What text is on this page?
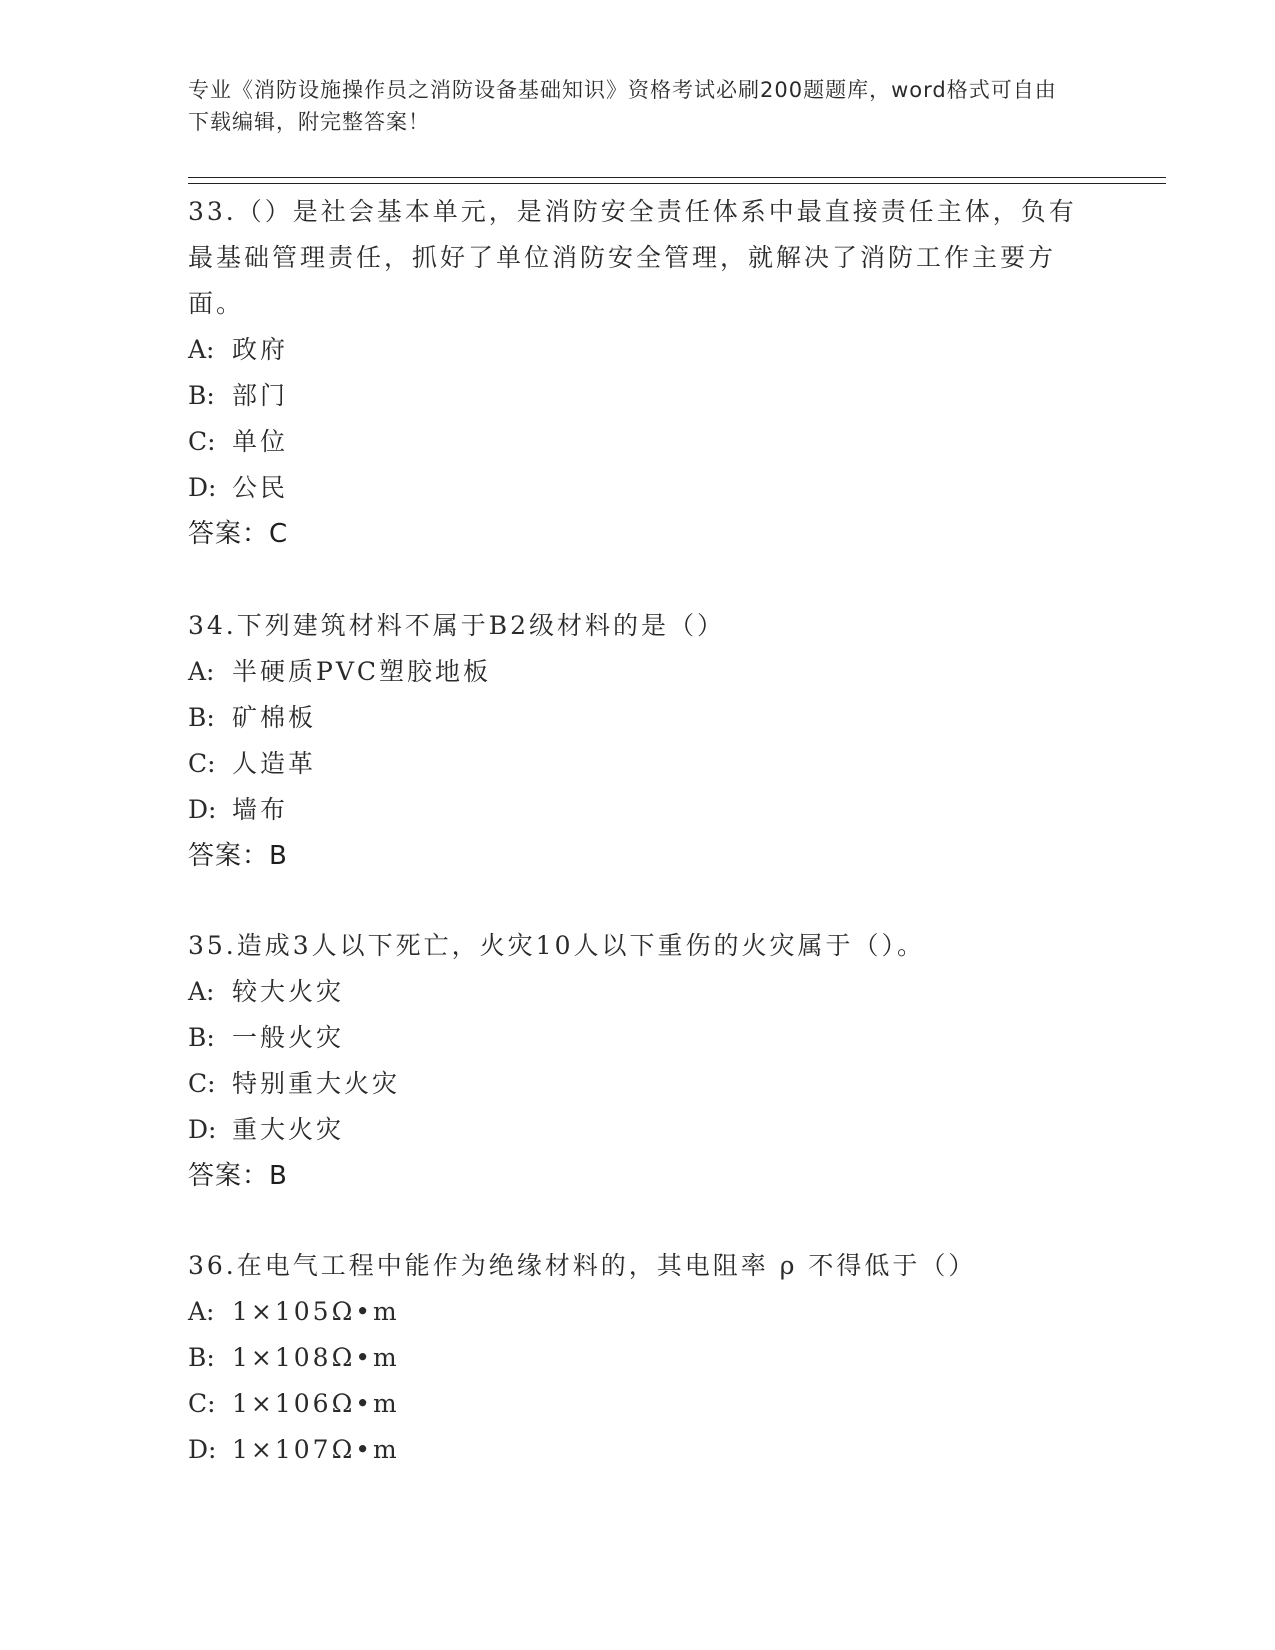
专业《消防设施操作员之消防设备基础知识》资格考试必刷200题题库，word格式可自由下载编辑，附完整答案！

33.（）是社会基本单元，是消防安全责任体系中最直接责任主体，负有最基础管理责任，抓好了单位消防安全管理，就解决了消防工作主要方面。

A: 政府
B: 部门
C: 单位
D: 公民
答案：C

34.下列建筑材料不属于B2级材料的是（）

A: 半硬质PVC塑胶地板
B: 矿棉板
C: 人造革
D: 墙布
答案：B

35.造成3人以下死亡，火灾10人以下重伤的火灾属于（）。

A: 较大火灾
B: 一般火灾
C: 特别重大火灾
D: 重大火灾
答案：B

36.在电气工程中能作为绝缘材料的，其电阻率 ρ 不得低于（）

A: 1×105Ω•m
B: 1×108Ω•m
C: 1×106Ω•m
D: 1×107Ω•m
